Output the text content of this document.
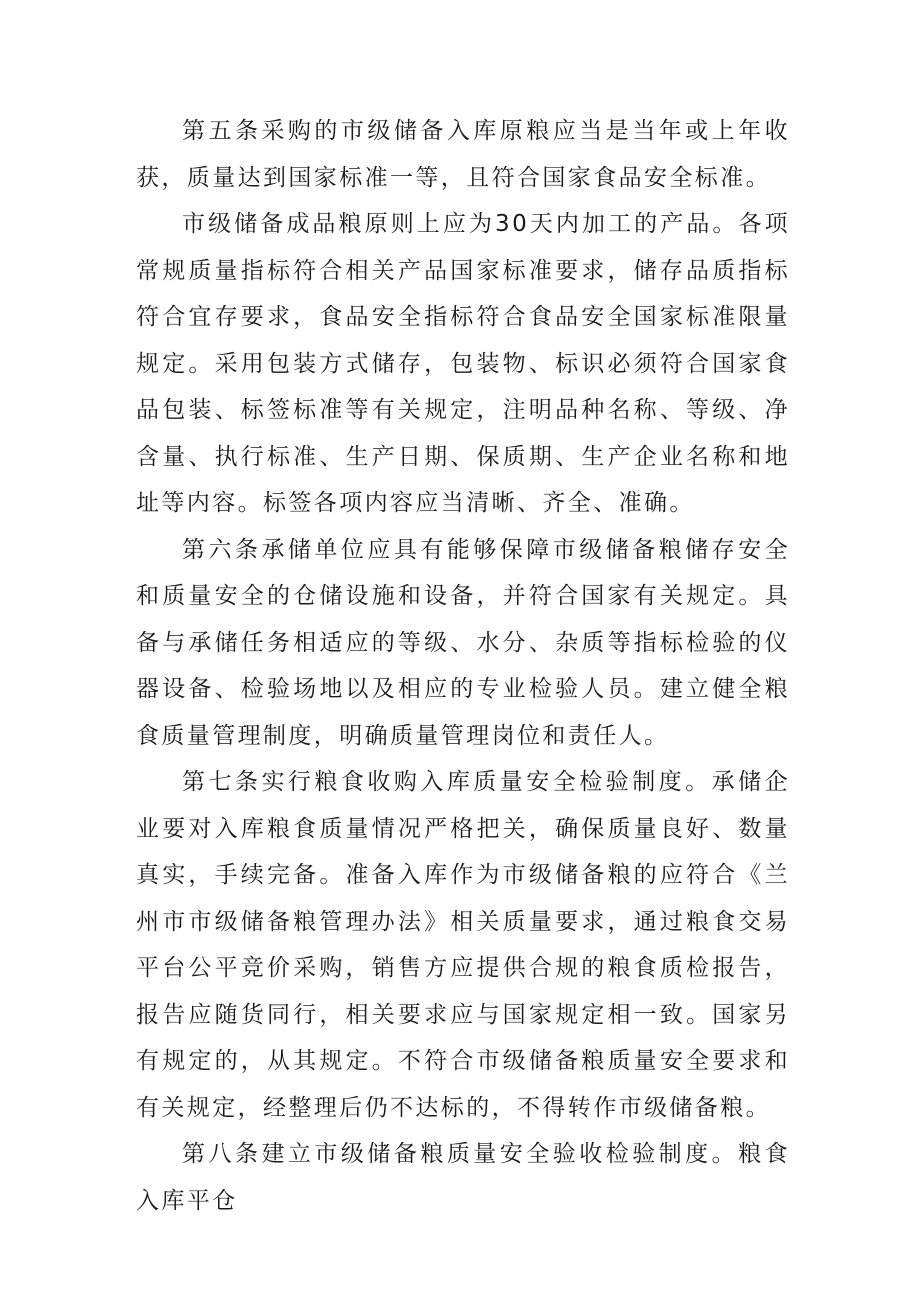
第五条采购的市级储备入库原粮应当是当年或上年收获，质量达到国家标准一等，且符合国家食品安全标准。

市级储备成品粮原则上应为30天内加工的产品。各项常规质量指标符合相关产品国家标准要求，储存品质指标符合宜存要求，食品安全指标符合食品安全国家标准限量规定。采用包装方式储存，包装物、标识必须符合国家食品包装、标签标准等有关规定，注明品种名称、等级、净含量、执行标准、生产日期、保质期、生产企业名称和地址等内容。标签各项内容应当清晰、齐全、准确。

第六条承储单位应具有能够保障市级储备粮储存安全和质量安全的仓储设施和设备，并符合国家有关规定。具备与承储任务相适应的等级、水分、杂质等指标检验的仪器设备、检验场地以及相应的专业检验人员。建立健全粮食质量管理制度，明确质量管理岗位和责任人。

第七条实行粮食收购入库质量安全检验制度。承储企业要对入库粮食质量情况严格把关，确保质量良好、数量真实，手续完备。准备入库作为市级储备粮的应符合《兰州市市级储备粮管理办法》相关质量要求，通过粮食交易平台公平竞价采购，销售方应提供合规的粮食质检报告，报告应随货同行，相关要求应与国家规定相一致。国家另有规定的，从其规定。不符合市级储备粮质量安全要求和有关规定，经整理后仍不达标的，不得转作市级储备粮。

第八条建立市级储备粮质量安全验收检验制度。粮食入库平仓
